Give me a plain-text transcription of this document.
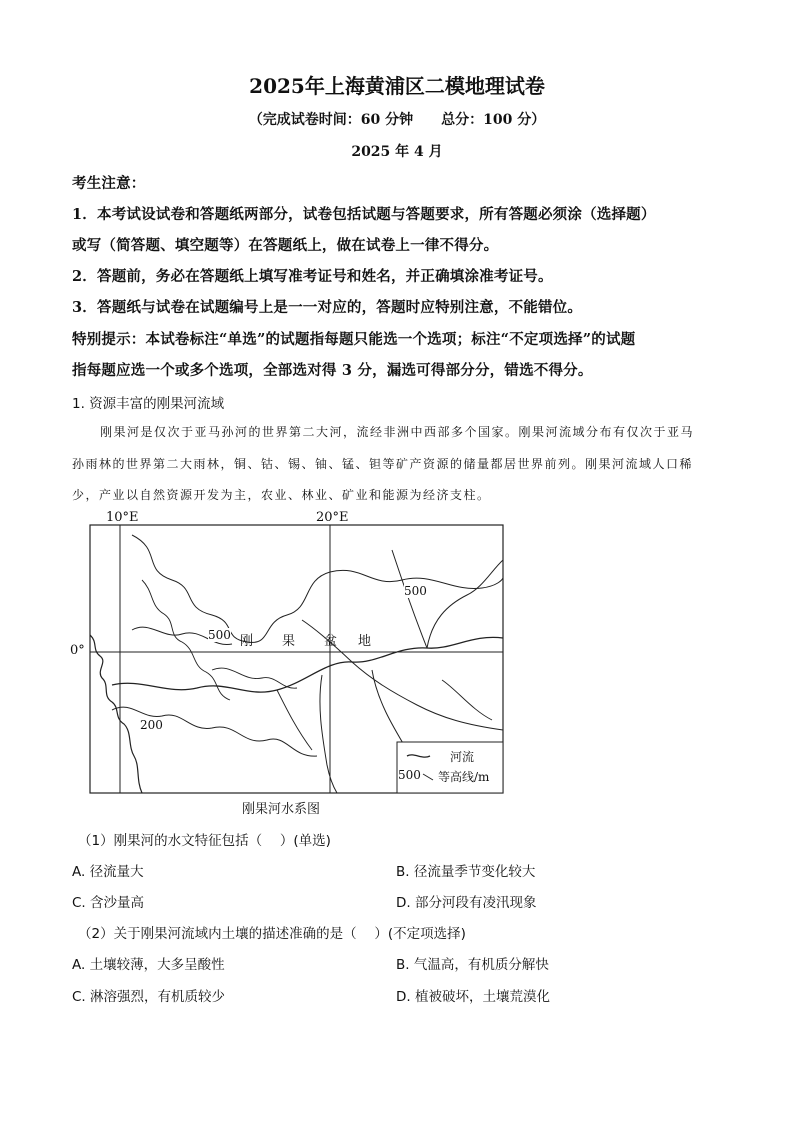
2025年上海黄浦区二模地理试卷
（完成试卷时间：60 分钟　　总分：100 分）
2025 年 4 月
考生注意：
1．本考试设试卷和答题纸两部分，试卷包括试题与答题要求，所有答题必须涂（选择题）
或写（简答题、填空题等）在答题纸上，做在试卷上一律不得分。
2．答题前，务必在答题纸上填写准考证号和姓名，并正确填涂准考证号。
3．答题纸与试卷在试题编号上是一一对应的，答题时应特别注意，不能错位。
特别提示：本试卷标注“单选”的试题指每题只能选一个选项；标注“不定项选择”的试题
指每题应选一个或多个选项，全部选对得 3 分，漏选可得部分分，错选不得分。
1. 资源丰富的刚果河流域
刚果河是仅次于亚马孙河的世界第二大河，流经非洲中西部多个国家。刚果河流域分布有仅次于亚马
孙雨林的世界第二大雨林，铜、钴、锡、铀、锰、钽等矿产资源的储量都居世界前列。刚果河流域人口稀
少，产业以自然资源开发为主，农业、林业、矿业和能源为经济支柱。
10°E	20°E
0°
500
500
200
刚 果 盆 地
河流
500 等高线/m
刚果河水系图
（1）刚果河的水文特征包括（　 ）(单选)
A. 径流量大	B. 径流量季节变化较大
C. 含沙量高	D. 部分河段有凌汛现象
（2）关于刚果河流域内土壤的描述准确的是（　 ）(不定项选择)
A. 土壤较薄，大多呈酸性	B. 气温高，有机质分解快
C. 淋溶强烈，有机质较少	D. 植被破坏，土壤荒漠化
